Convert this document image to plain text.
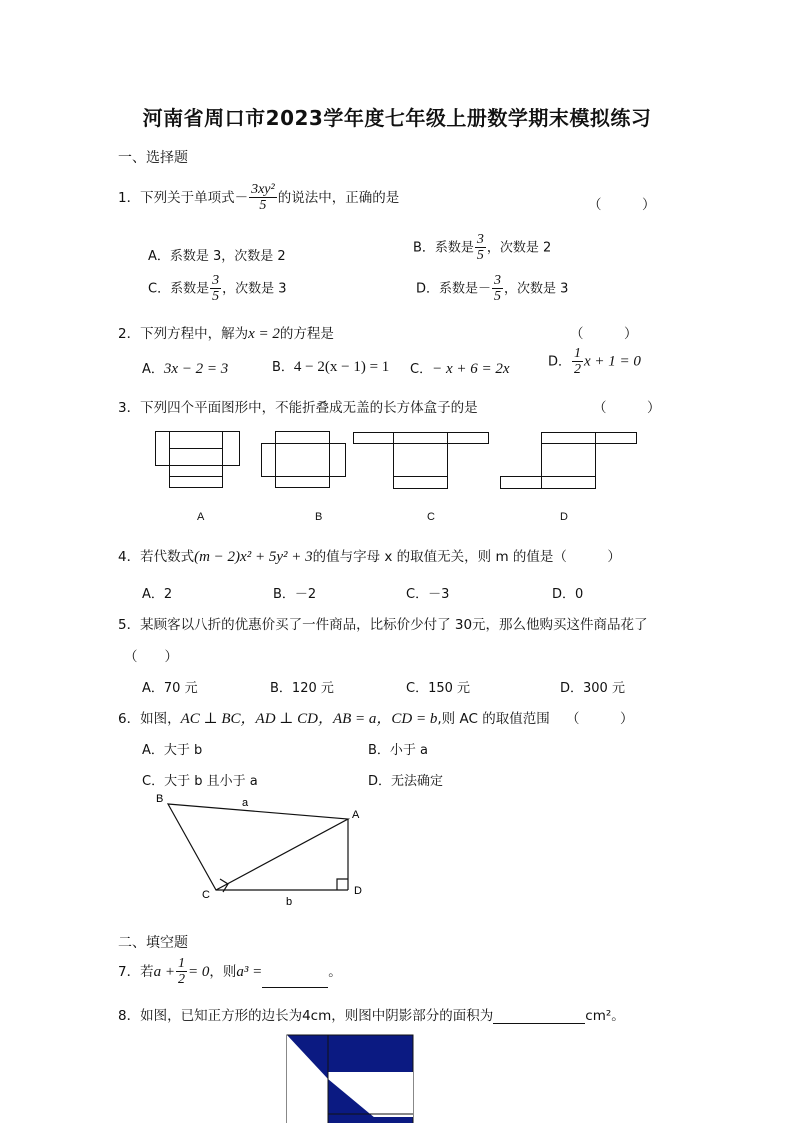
河南省周口市2023学年度七年级上册数学期末模拟练习
一、选择题
1．下列关于单项式－ $\frac{\text{3xy²}}{5}$ 的说法中，正确的是	（　　　）
A．系数是 3，次数是 2
B．系数是 $\frac{3}{5}$ ，次数是 2
C．系数是 $\frac{3}{5}$ ，次数是 3	D．系数是－ $\frac{3}{5}$ ，次数是 3
2．下列方程中，解为x = 2的方程是	（　　　）
A．3x − 2 = 3	B．4 − 2(x − 1) = 1 C．− x + 6 = 2x	D． $\frac{1}{2}$ x + 1 = 0
3．下列四个平面图形中，不能折叠成无盖的长方体盒子的是	（　　　）
A	B	C	D
4．若代数式(m − 2)x² + 5y² + 3的值与字母 x 的取值无关，则 m 的值是（　　　）
A．2	B．－2	C．－3	D．0
5．某顾客以八折的优惠价买了一件商品，比标价少付了 30元，那么他购买这件商品花了
（　　）
A．70 元	B．120 元	C．150 元	D．300 元
6．如图，AC ⊥ BC，AD ⊥ CD，AB = a，CD = b,则 AC 的取值范围 （　　　）
A．大于 b	B．小于 a
C．大于 b 且小于 a	D．无法确定
B	a
A
C
b
D
二、填空题
7．若$a + \frac{1}{2} = 0$，则a³ =	。
8．如图，已知正方形的边长为4cm，则图中阴影部分的面积为	cm²。
